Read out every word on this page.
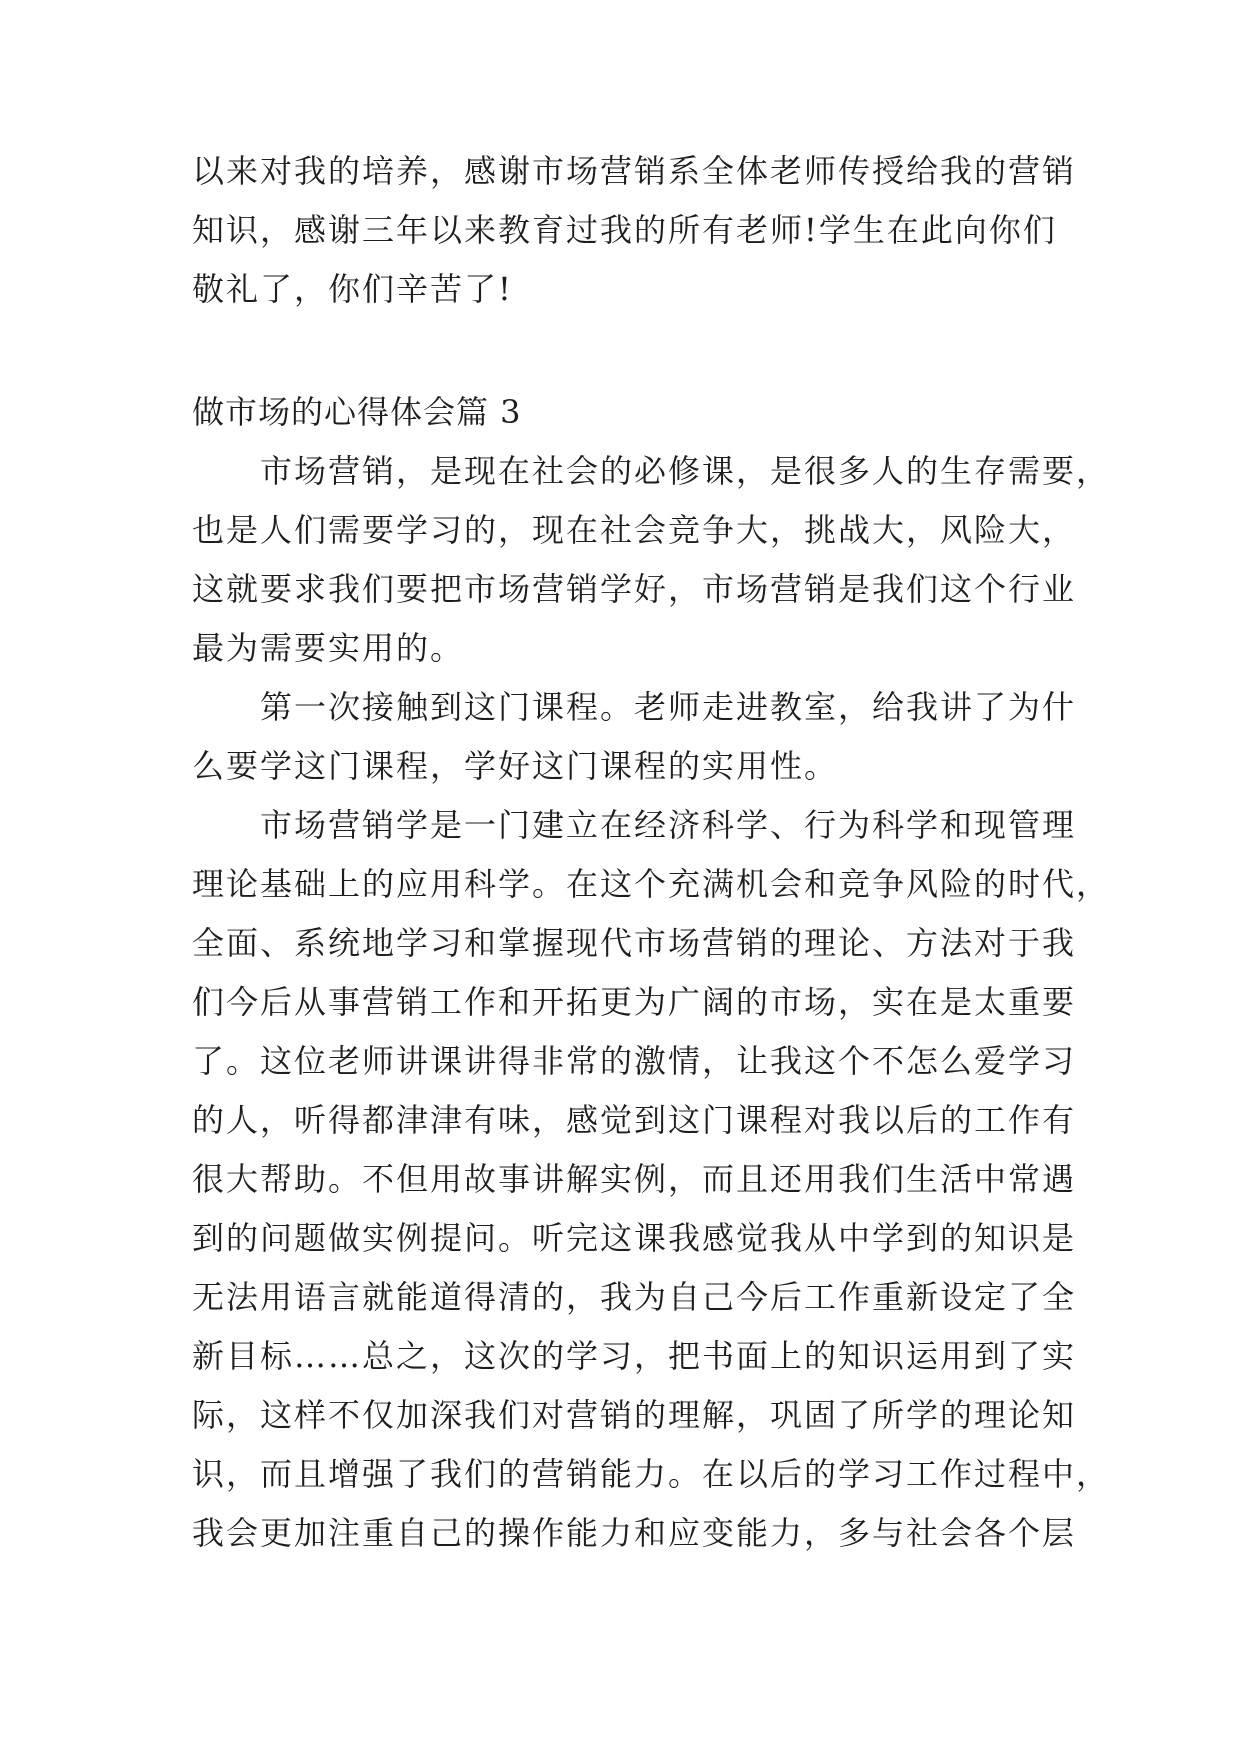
以来对我的培养，感谢市场营销系全体老师传授给我的营销
知识，感谢三年以来教育过我的所有老师!学生在此向你们
敬礼了，你们辛苦了!
做市场的心得体会篇 3
　　市场营销，是现在社会的必修课，是很多人的生存需要，
也是人们需要学习的，现在社会竞争大，挑战大，风险大，
这就要求我们要把市场营销学好，市场营销是我们这个行业
最为需要实用的。
　　第一次接触到这门课程。老师走进教室，给我讲了为什
么要学这门课程，学好这门课程的实用性。
　　市场营销学是一门建立在经济科学、行为科学和现管理
理论基础上的应用科学。在这个充满机会和竞争风险的时代，
全面、系统地学习和掌握现代市场营销的理论、方法对于我
们今后从事营销工作和开拓更为广阔的市场，实在是太重要
了。这位老师讲课讲得非常的激情，让我这个不怎么爱学习
的人，听得都津津有味，感觉到这门课程对我以后的工作有
很大帮助。不但用故事讲解实例，而且还用我们生活中常遇
到的问题做实例提问。听完这课我感觉我从中学到的知识是
无法用语言就能道得清的，我为自己今后工作重新设定了全
新目标……总之，这次的学习，把书面上的知识运用到了实
际，这样不仅加深我们对营销的理解，巩固了所学的理论知
识，而且增强了我们的营销能力。在以后的学习工作过程中，
我会更加注重自己的操作能力和应变能力，多与社会各个层
